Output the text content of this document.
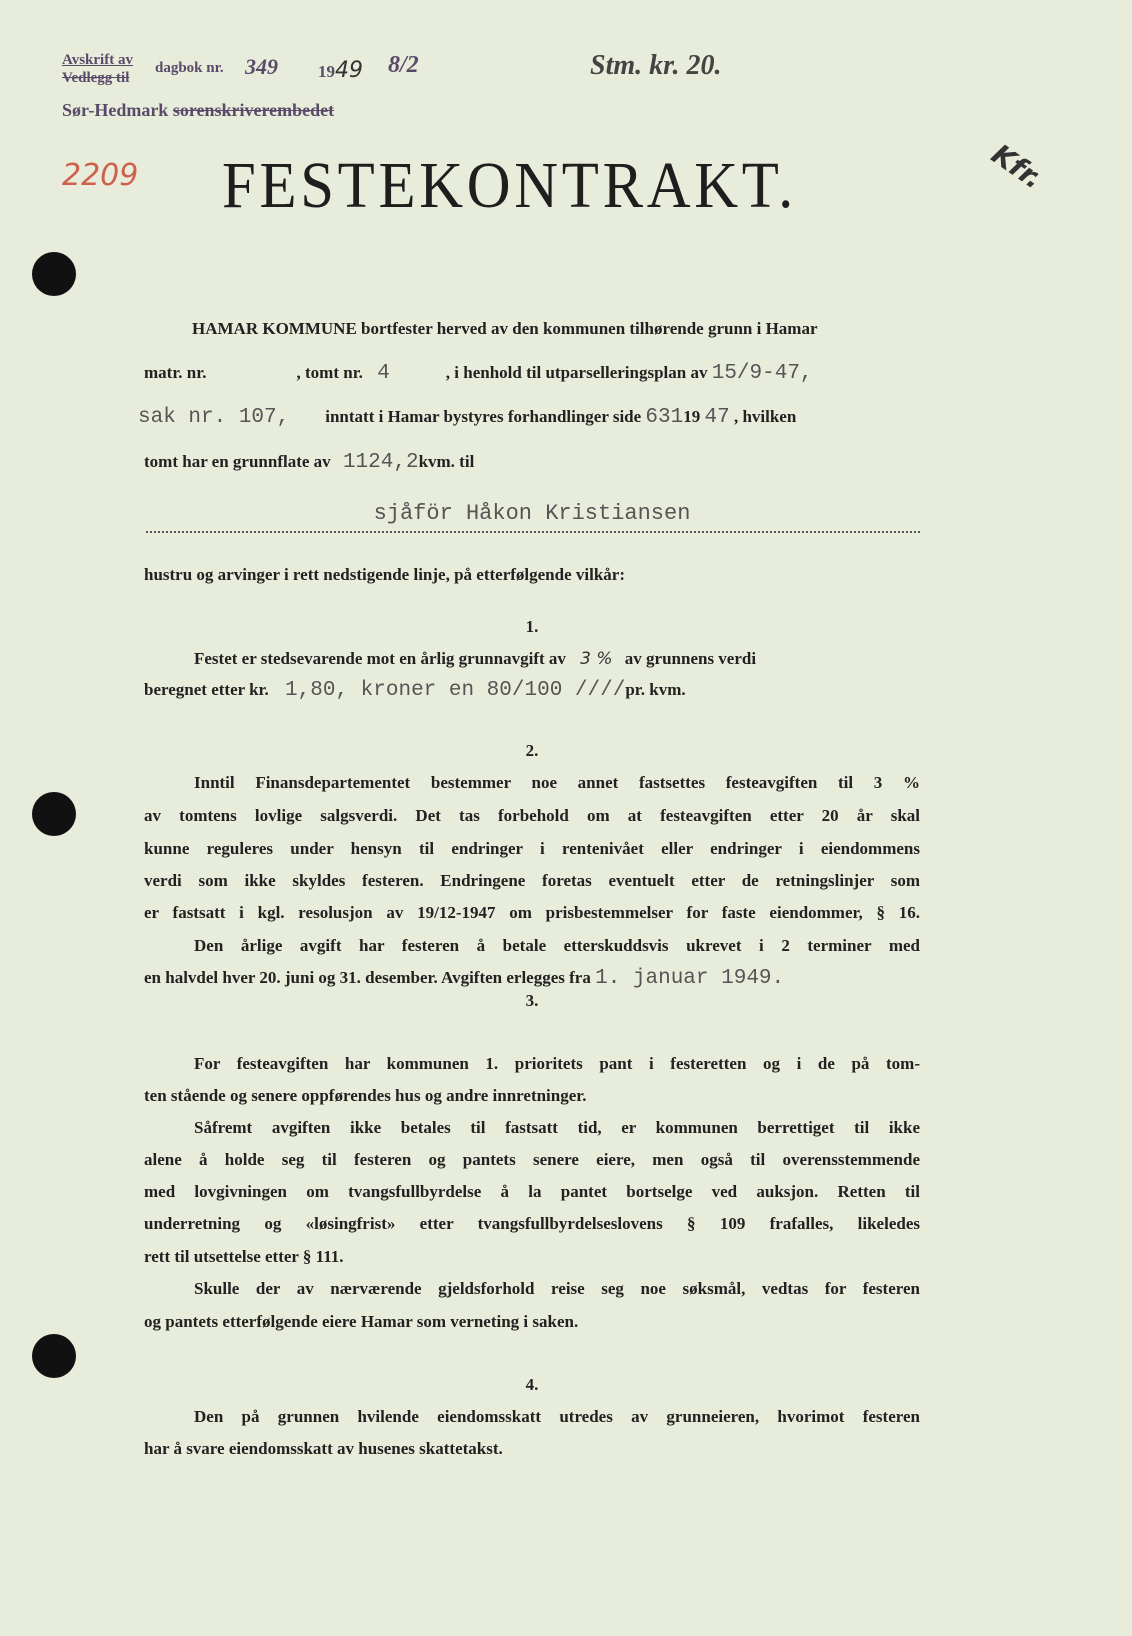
Avskrift av
Vedlegg til
dagbok nr. 349 1949 8/2	Stm. kr. 20.
Sør-Hedmark sorenskriverembedet
2209 FESTEKONTRAKT.	Kfr.
HAMAR KOMMUNE bortfester herved av den kommunen tilhørende grunn i Hamar
matr. nr.	, tomt nr. 4	, i henhold til utparselleringsplan av 15/9-47,
sak nr. 107, inntatt i Hamar bystyres forhandlinger side 63119 47 , hvilken
tomt har en grunnflate av 1124,2kvm. til
sjåför Håkon Kristiansen
hustru og arvinger i rett nedstigende linje, på etterfølgende vilkår:
1.
Festet er stedsevarende mot en årlig grunnavgift av 3 % av grunnens verdi
beregnet etter kr. 1,80, kroner en 80/100 ////pr. kvm.
2.
Inntil Finansdepartementet bestemmer noe annet fastsettes festeavgiften til 3 %
av tomtens lovlige salgsverdi. Det tas forbehold om at festeavgiften etter 20 år skal
kunne reguleres under hensyn til endringer i rentenivået eller endringer i eiendommens
verdi som ikke skyldes festeren. Endringene foretas eventuelt etter de retningslinjer som
er fastsatt i kgl. resolusjon av 19/12-1947 om prisbestemmelser for faste eiendommer, § 16.
Den årlige avgift har festeren å betale etterskuddsvis ukrevet i 2 terminer med
en halvdel hver 20. juni og 31. desember. Avgiften erlegges fra 1. januar 1949.
3.
For festeavgiften har kommunen 1. prioritets pant i festeretten og i de på tom-
ten stående og senere oppførendes hus og andre innretninger.
Såfremt avgiften ikke betales til fastsatt tid, er kommunen berrettiget til ikke
alene å holde seg til festeren og pantets senere eiere, men også til overensstemmende
med lovgivningen om tvangsfullbyrdelse å la pantet bortselge ved auksjon. Retten til
underretning og «løsingfrist» etter tvangsfullbyrdelseslovens § 109 frafalles, likeledes
rett til utsettelse etter § 111.
Skulle der av nærværende gjeldsforhold reise seg noe søksmål, vedtas for festeren
og pantets etterfølgende eiere Hamar som verneting i saken.
4.
Den på grunnen hvilende eiendomsskatt utredes av grunneieren, hvorimot festeren
har å svare eiendomsskatt av husenes skattetakst.
